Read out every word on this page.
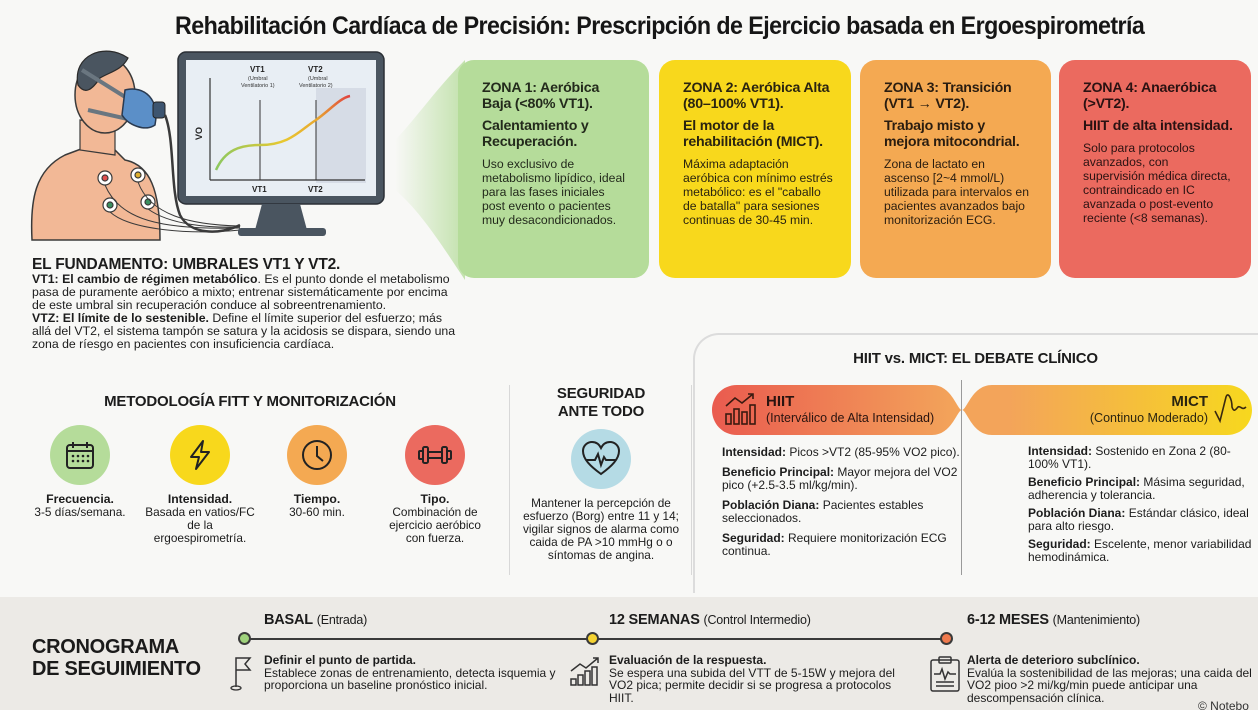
Rehabilitación Cardíaca de Precisión: Prescripción de Ejercicio basada en Ergoespirometría
VT1
(Umbral
Ventilatorio 1)
VT2
(Umbral
Ventilatorio 2)
VT1	VT2
VO
ZONA 1: Aeróbica Baja (<80% VT1).
Calentamiento y Recuperación.
Uso exclusivo de metabolismo lipídico, ideal para las fases iniciales post evento o pacientes muy desacondicionados.
ZONA 2: Aeróbica Alta (80–100% VT1).
El motor de la rehabilitación (MICT).
Máxima adaptación aeróbica con mínimo estrés metabólico: es el "caballo de batalla" para sesiones continuas de 30-45 min.
ZONA 3: Transición (VT1 → VT2).
Trabajo misto y mejora mitocondrial.
Zona de lactato en ascenso [2~4 mmol/L) utilizada para intervalos en pacientes avanzados bajo monitorización ECG.
ZONA 4: Anaeróbica (>VT2).
HIIT de alta intensidad.
Solo para protocolos avanzados, con supervisión médica directa, contraindicado en IC avanzada o post-evento reciente (<8 semanas).
EL FUNDAMENTO: UMBRALES VT1 Y VT2.
VT1: El cambio de régimen metabólico. Es el punto donde el metabolismo pasa de puramente aeróbico a mixto; entrenar sistemáticamente por encima de este umbral sin recuperación conduce al sobreentrenamiento.
VTZ: El límite de lo sestenible. Define el límite superior del esfuerzo; más allá del VT2, el sistema tampón se satura y la acidosis se dispara, siendo una zona de ríesgo en pacientes con insuficiencia cardíaca.
METODOLOGÍA FITT Y MONITORIZACIÓN
Frecuencia.
3-5 días/semana.
Intensidad.
Basada en vatios/FC de la ergoespirometría.
Tiempo.
30-60 min.
Tipo.
Combinación de ejercicio aeróbico con fuerza.
SEGURIDAD
ANTE TODO

Mantener la percepción de esfuerzo (Borg) entre 11 y 14; vigilar signos de alarma como caida de PA >10 mmHg o o síntomas de angina.

HIIT vs. MICT: EL DEBATE CLÍNICO
HIIT
(Interválico de Alta Intensidad)
MICT
(Continuo Moderado)
Intensidad: Picos >VT2 (85-95% VO2 pico).
Beneficio Principal: Mayor mejora del VO2 pico (+2.5-3.5 ml/kg/min).
Población Diana: Pacientes estables seleccionados.
Seguridad: Requiere monitorización ECG continua.
Intensidad: Sostenido en Zona 2 (80-100% VT1).
Beneficio Principal: Másima seguridad, adherencia y tolerancia.
Población Diana: Estándar clásico, ideal para alto riesgo.
Seguridad: Escelente, menor variabilidad hemodinámica.
CRONOGRAMA
DE SEGUIMIENTO
BASAL (Entrada)	12 SEMANAS (Control Intermedio)	6-12 MESES (Mantenimiento)
Definir el punto de partida.
Establece zonas de entrenamiento, detecta isquemia y proporciona un baseline pronóstico inicial.
Evaluación de la respuesta.
Se espera una subida del VTT de 5-15W y mejora del VO2 pica; permite decidir si se progresa a protocolos HIIT.
Alerta de deterioro subclínico.
Evalúa la sostenibilidad de las mejoras; una caida del VO2 pioo >2 mi/kg/min puede anticipar una descompensación clínica.
© Notebo
